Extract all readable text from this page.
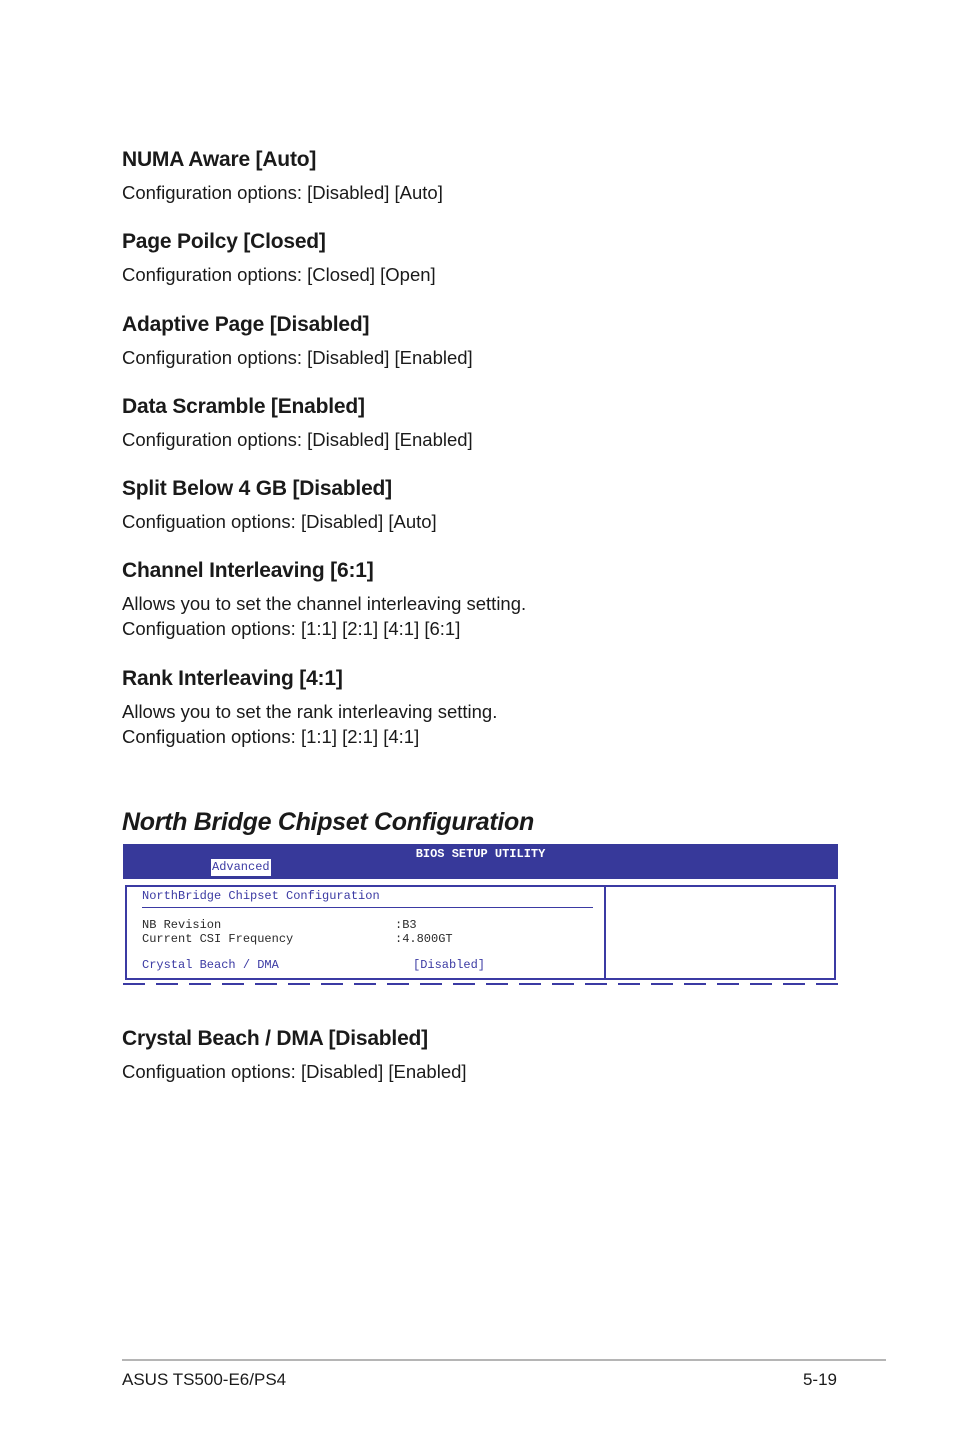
NUMA Aware [Auto]

Configuration options: [Disabled] [Auto]

Page Poilcy [Closed]

Configuration options: [Closed] [Open]

Adaptive Page [Disabled]

Configuration options: [Disabled] [Enabled]

Data Scramble [Enabled]

Configuration options: [Disabled] [Enabled]

Split Below 4 GB [Disabled]

Configuation options: [Disabled] [Auto]

Channel Interleaving [6:1]

Allows you to set the channel interleaving setting.

Configuation options: [1:1] [2:1] [4:1] [6:1]

Rank Interleaving [4:1]

Allows you to set the rank interleaving setting.

Configuation options: [1:1] [2:1] [4:1]

North Bridge Chipset Configuration
BIOS SETUP UTILITY
Advanced
NorthBridge Chipset Configuration
NB Revision	:B3
Current CSI Frequency	:4.800GT
Crystal Beach / DMA	[Disabled]
Crystal Beach / DMA [Disabled]

Configuation options: [Disabled] [Enabled]

ASUS TS500-E6/PS4	5-19
